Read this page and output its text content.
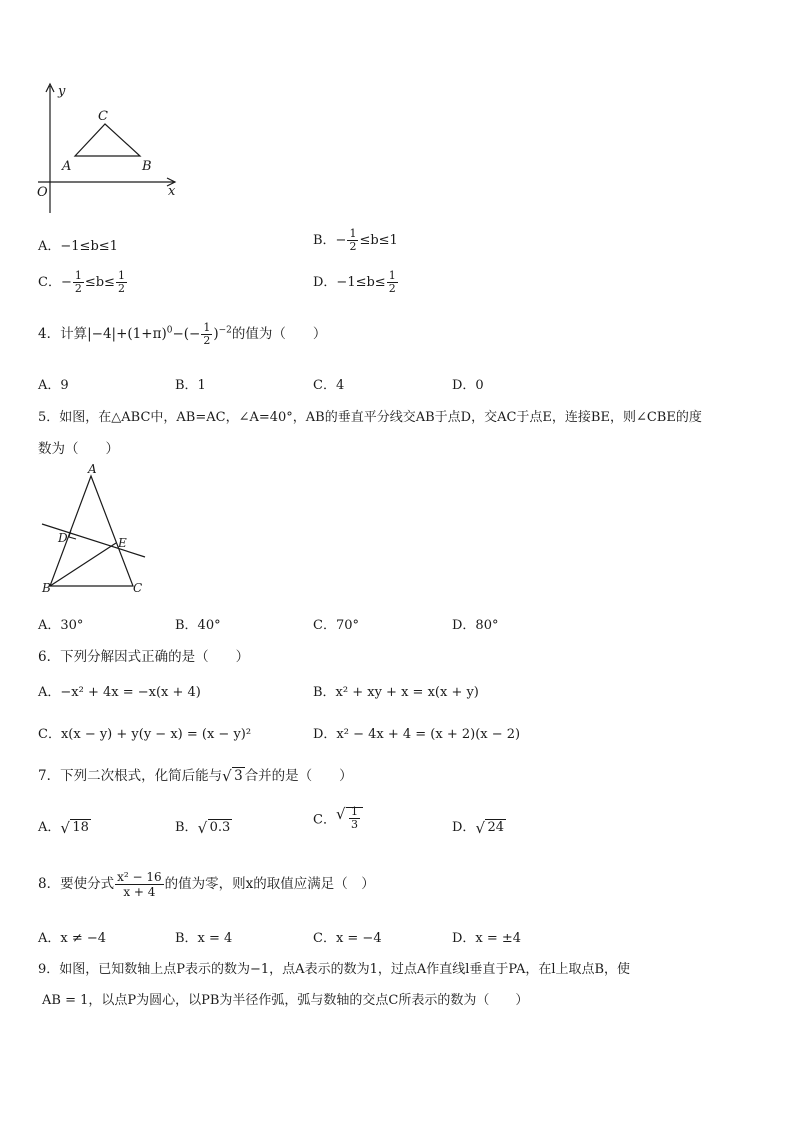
y
x
O
A	B
C
A．−1≤b≤1	B．− $\frac{1}{2} \le b\le 1$
C．− $\frac{1}{2} \le b\le \frac{1}{2}$	D．$-1\le b\le \frac{1}{2}$
4．计算$|-4|+(1+\pi)^0-(- \frac{1}{2} )^{-2}$的值为（　　）
A．9	B．1	C．4	D．0
5．如图，在△ABC中，AB=AC，∠A=40°，AB的垂直平分线交AB于点D，交AC于点E，连接BE，则∠CBE的度
数为（　　）
A
B	C
D	E
A．30°	B．40°	C．70°	D．80°
6．下列分解因式正确的是（　　）
A．−x² + 4x = −x(x + 4)	B．x² + xy + x = x(x + y)
C．x(x − y) + y(y − x) = (x − y)²	D．x² − 4x + 4 = (x + 2)(x − 2)
7．下列二次根式，化简后能与 √ 3 合并的是（　　）
A． √ 18	B． √ 0.3	C． √ $\frac{1}{3}$	D． √ 24
8．要使分式 $\frac{\text{x² − 16}}{x + 4}$ 的值为零，则x的取值应满足（　）
A．x ≠ −4	B．x = 4	C．x = −4	D．x = ±4
9．如图，已知数轴上点P表示的数为−1，点A表示的数为1，过点A作直线l垂直于PA，在l上取点B，使
AB = 1，以点P为圆心，以PB为半径作弧，弧与数轴的交点C所表示的数为（　　）
